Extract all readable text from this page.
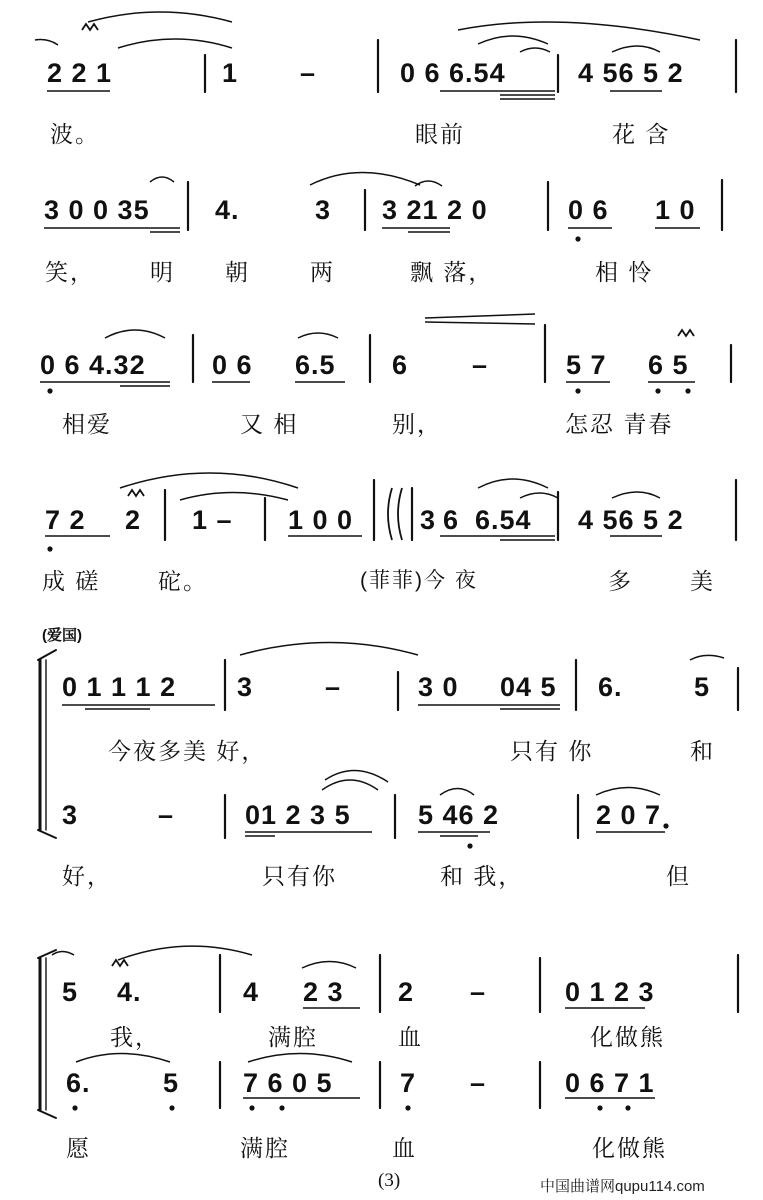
2 2 1	1 –	0 6 6.54	4 56 5 2
波。	眼前	花 含
3 0 0 35 4.	3 3 21 2 0	0 6 1 0
笑， 明 朝	两	飘 落，	相 怜
0 6 4.32 0 6 6.5 6 –	5 7 6 5
相爱	又 相	别，	怎忍 青春
7 2 2 1 – 1 0 0 3 6 6.54 4 56 5 2
成 磋	砣。	(菲菲)今 夜	多 美
(爱国)
0 1 1 1 2 3	–	3 0 04 5 6.	5
今夜多美 好，	只有 你	和
3	–	01 2 3 5 5 46 2	2 0 7
好，	只有你	和 我，	但
5 4.	4 2 3 2 –	0 1 2 3
我，	满腔	血	化做熊
6.	5 7 6 0 5 7 –	0 6 7 1
愿	满腔	血	化做熊
(3)	中国曲谱网qupu114.com
